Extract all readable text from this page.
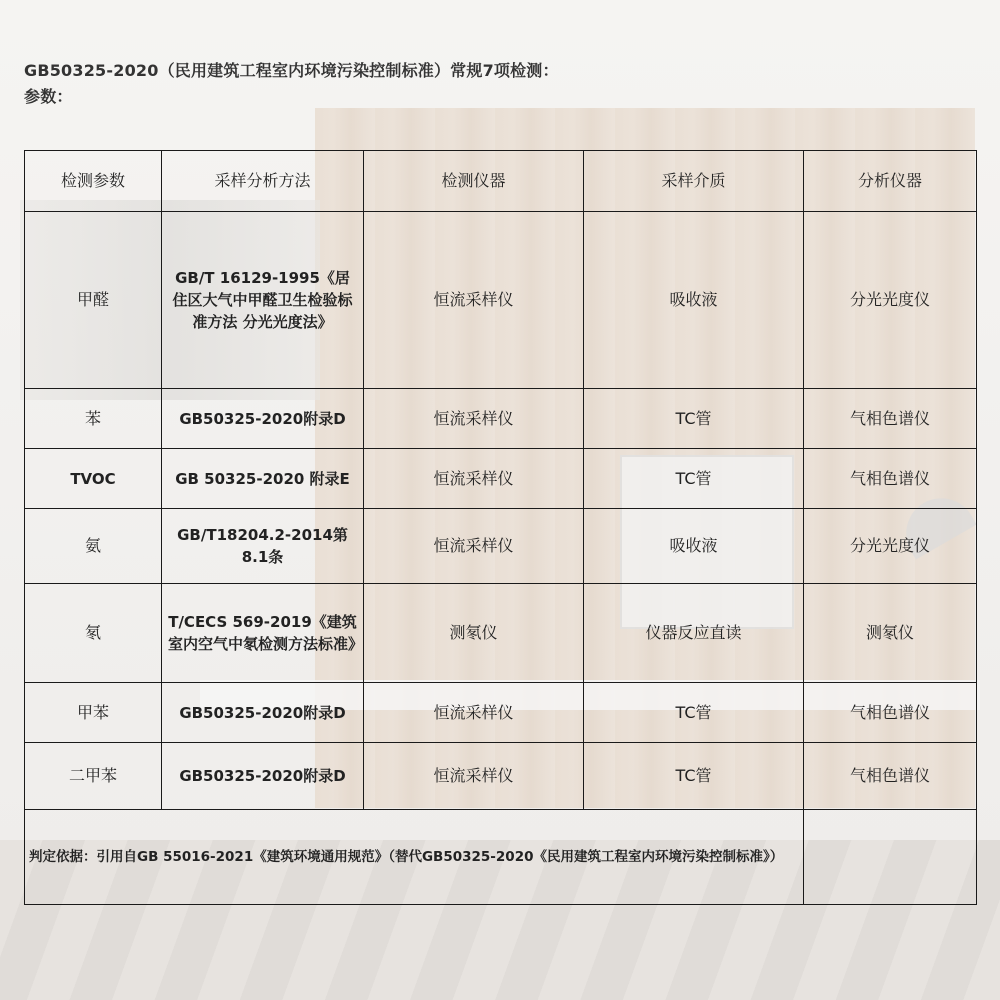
GB50325-2020（民用建筑工程室内环境污染控制标准）常规7项检测：
参数：
检测参数	采样分析方法	检测仪器	采样介质	分析仪器
甲醛	GB/T 16129-1995《居住区大气中甲醛卫生检验标准方法 分光光度法》	恒流采样仪	吸收液	分光光度仪
苯	GB50325-2020附录D	恒流采样仪	TC管	气相色谱仪
TVOC	GB 50325-2020 附录E	恒流采样仪	TC管	气相色谱仪
氨	GB/T18204.2-2014第8.1条	恒流采样仪	吸收液	分光光度仪
氡	T/CECS 569-2019《建筑室内空气中氡检测方法标准》	测氡仪	仪器反应直读	测氡仪
甲苯	GB50325-2020附录D	恒流采样仪	TC管	气相色谱仪
二甲苯	GB50325-2020附录D	恒流采样仪	TC管	气相色谱仪
判定依据：引用自GB 55016-2021《建筑环境通用规范》（替代GB50325-2020《民用建筑工程室内环境污染控制标准》）				
